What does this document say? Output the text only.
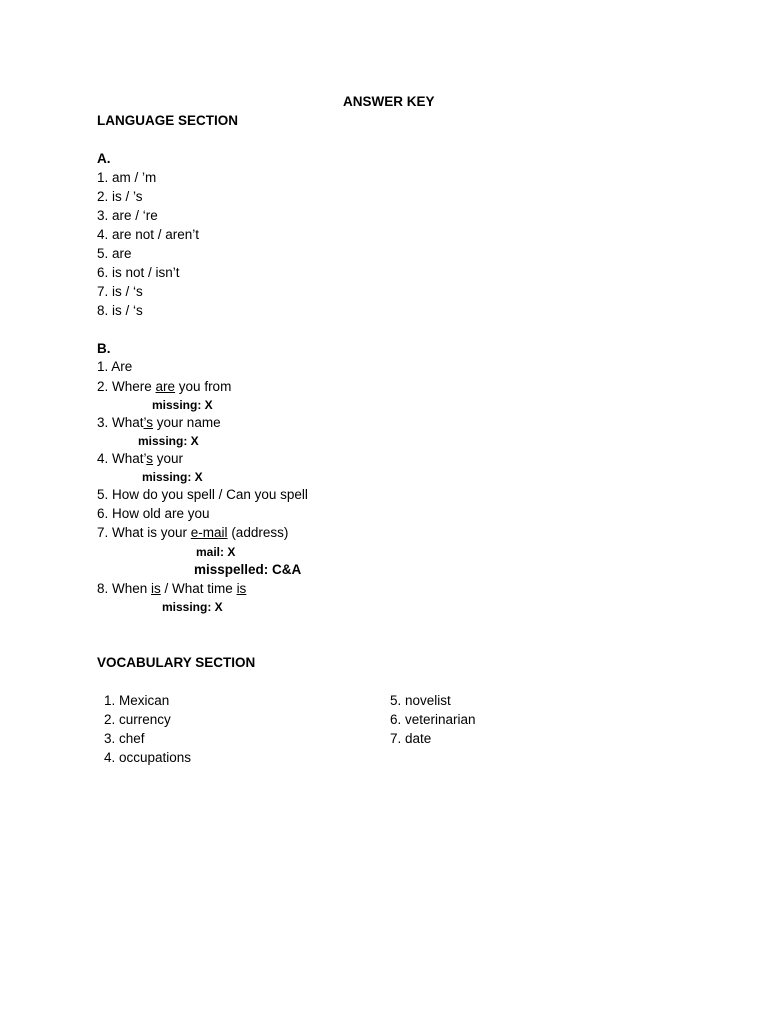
ANSWER KEY
LANGUAGE SECTION
A.
1. am / ’m
2. is / ’s
3. are / ‘re
4. are not / aren’t
5. are
6. is not / isn’t
7. is / ‘s
8. is / ‘s
B.
1. Are
2. Where are you from
missing: X
3. What’s your name
missing: X
4. What’s your
missing: X
5. How do you spell / Can you spell
6. How old are you
7. What is your e-mail (address)
mail: X
misspelled: C&A
8. When is / What time is
missing: X
VOCABULARY SECTION
1. Mexican
2. currency
3. chef
4. occupations
5. novelist
6. veterinarian
7. date
